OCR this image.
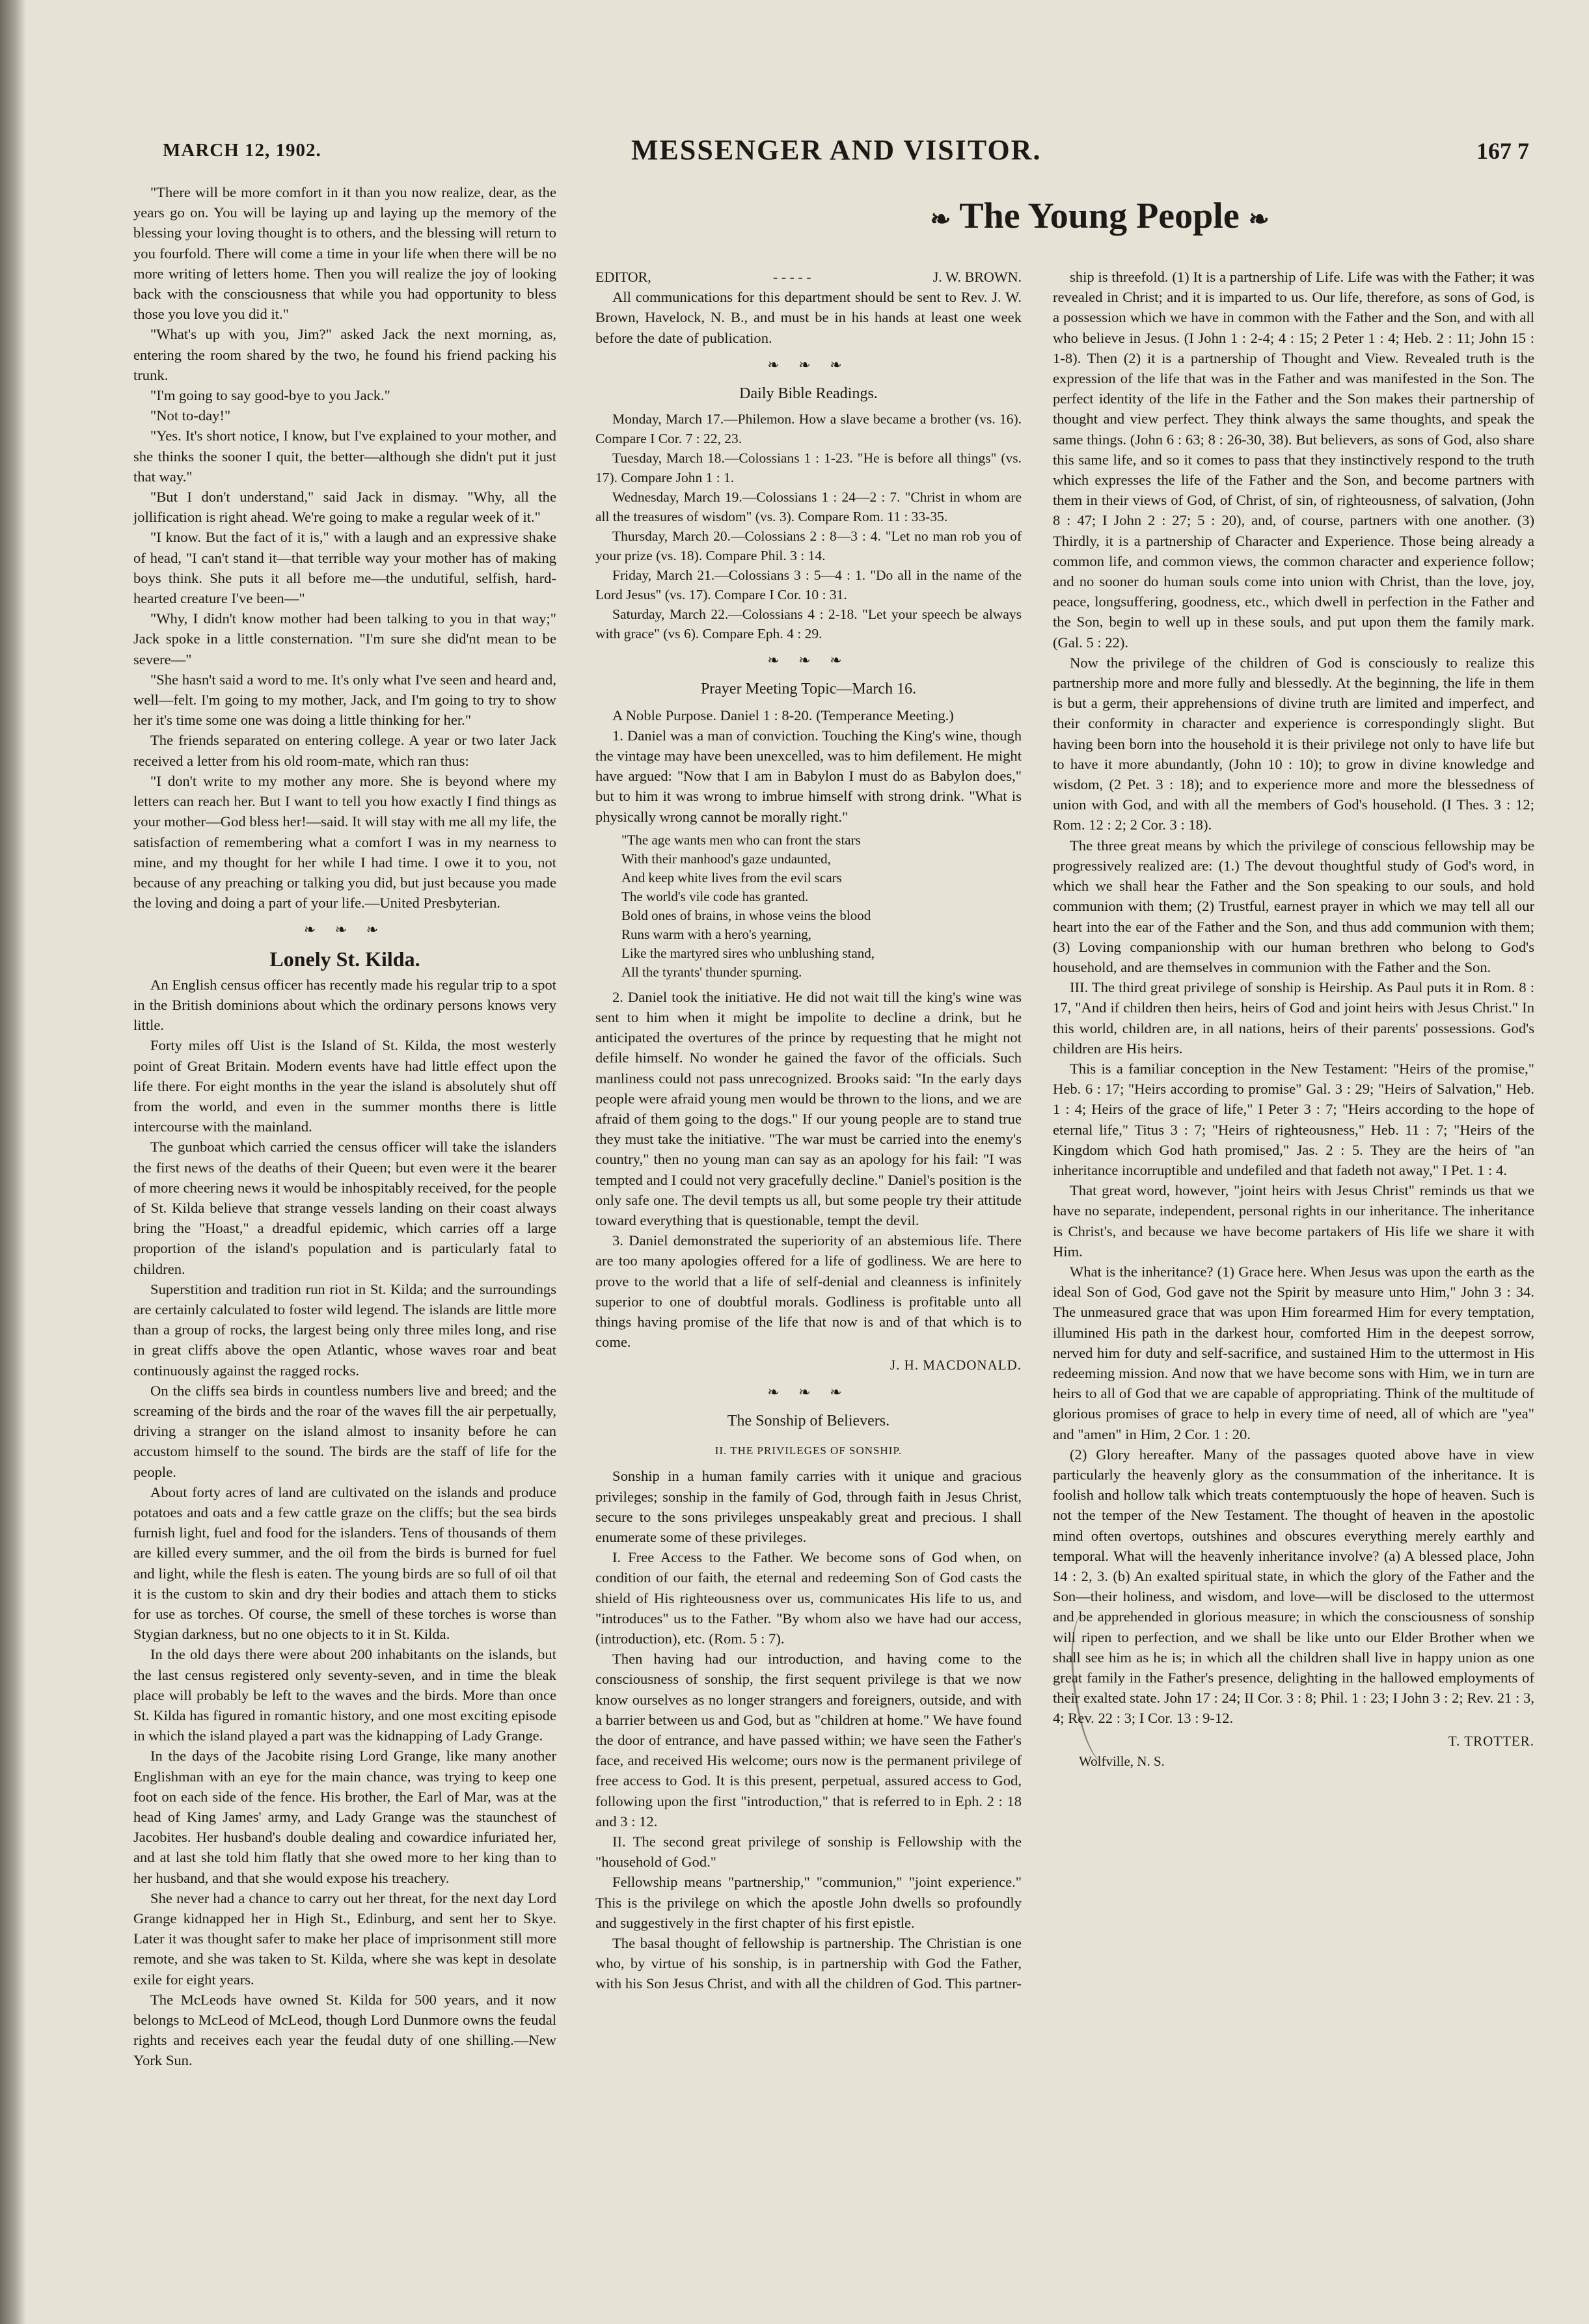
MARCH 12, 1902.	MESSENGER AND VISITOR.	167 7
❧ The Young People ❧

"There will be more comfort in it than you now realize, dear, as the years go on. You will be laying up and laying up the memory of the blessing your loving thought is to others, and the blessing will return to you fourfold. There will come a time in your life when there will be no more writing of letters home. Then you will realize the joy of looking back with the consciousness that while you had opportunity to bless those you love you did it."

"What's up with you, Jim?" asked Jack the next morning, as, entering the room shared by the two, he found his friend packing his trunk.

"I'm going to say good-bye to you Jack."

"Not to-day!"

"Yes. It's short notice, I know, but I've explained to your mother, and she thinks the sooner I quit, the better—although she didn't put it just that way."

"But I don't understand," said Jack in dismay. "Why, all the jollification is right ahead. We're going to make a regular week of it."

"I know. But the fact of it is," with a laugh and an expressive shake of head, "I can't stand it—that terrible way your mother has of making boys think. She puts it all before me—the undutiful, selfish, hard-hearted creature I've been—"

"Why, I didn't know mother had been talking to you in that way;" Jack spoke in a little consternation. "I'm sure she did'nt mean to be severe—"

"She hasn't said a word to me. It's only what I've seen and heard and, well—felt. I'm going to my mother, Jack, and I'm going to try to show her it's time some one was doing a little thinking for her."

The friends separated on entering college. A year or two later Jack received a letter from his old room-mate, which ran thus:

"I don't write to my mother any more. She is beyond where my letters can reach her. But I want to tell you how exactly I find things as your mother—God bless her!—said. It will stay with me all my life, the satisfaction of remembering what a comfort I was in my nearness to mine, and my thought for her while I had time. I owe it to you, not because of any preaching or talking you did, but just because you made the loving and doing a part of your life.—United Presbyterian.

❧ ❧ ❧
Lonely St. Kilda.

An English census officer has recently made his regular trip to a spot in the British dominions about which the ordinary persons knows very little.

Forty miles off Uist is the Island of St. Kilda, the most westerly point of Great Britain. Modern events have had little effect upon the life there. For eight months in the year the island is absolutely shut off from the world, and even in the summer months there is little intercourse with the mainland.

The gunboat which carried the census officer will take the islanders the first news of the deaths of their Queen; but even were it the bearer of more cheering news it would be inhospitably received, for the people of St. Kilda believe that strange vessels landing on their coast always bring the "Hoast," a dreadful epidemic, which carries off a large proportion of the island's population and is particularly fatal to children.

Superstition and tradition run riot in St. Kilda; and the surroundings are certainly calculated to foster wild legend. The islands are little more than a group of rocks, the largest being only three miles long, and rise in great cliffs above the open Atlantic, whose waves roar and beat continuously against the ragged rocks.

On the cliffs sea birds in countless numbers live and breed; and the screaming of the birds and the roar of the waves fill the air perpetually, driving a stranger on the island almost to insanity before he can accustom himself to the sound. The birds are the staff of life for the people.

About forty acres of land are cultivated on the islands and produce potatoes and oats and a few cattle graze on the cliffs; but the sea birds furnish light, fuel and food for the islanders. Tens of thousands of them are killed every summer, and the oil from the birds is burned for fuel and light, while the flesh is eaten. The young birds are so full of oil that it is the custom to skin and dry their bodies and attach them to sticks for use as torches. Of course, the smell of these torches is worse than Stygian darkness, but no one objects to it in St. Kilda.

In the old days there were about 200 inhabitants on the islands, but the last census registered only seventy-seven, and in time the bleak place will probably be left to the waves and the birds. More than once St. Kilda has figured in romantic history, and one most exciting episode in which the island played a part was the kidnapping of Lady Grange.

In the days of the Jacobite rising Lord Grange, like many another Englishman with an eye for the main chance, was trying to keep one foot on each side of the fence. His brother, the Earl of Mar, was at the head of King James' army, and Lady Grange was the staunchest of Jacobites. Her husband's double dealing and cowardice infuriated her, and at last she told him flatly that she owed more to her king than to her husband, and that she would expose his treachery.

She never had a chance to carry out her threat, for the next day Lord Grange kidnapped her in High St., Edinburg, and sent her to Skye. Later it was thought safer to make her place of imprisonment still more remote, and she was taken to St. Kilda, where she was kept in desolate exile for eight years.

The McLeods have owned St. Kilda for 500 years, and it now belongs to McLeod of McLeod, though Lord Dunmore owns the feudal rights and receives each year the feudal duty of one shilling.—New York Sun.

EDITOR,	- - - - -	J. W. BROWN.

All communications for this department should be sent to Rev. J. W. Brown, Havelock, N. B., and must be in his hands at least one week before the date of publication.

❧ ❧ ❧
Daily Bible Readings.

Monday, March 17.—Philemon. How a slave became a brother (vs. 16). Compare I Cor. 7 : 22, 23.

Tuesday, March 18.—Colossians 1 : 1-23. "He is before all things" (vs. 17). Compare John 1 : 1.

Wednesday, March 19.—Colossians 1 : 24—2 : 7. "Christ in whom are all the treasures of wisdom" (vs. 3). Compare Rom. 11 : 33-35.

Thursday, March 20.—Colossians 2 : 8—3 : 4. "Let no man rob you of your prize (vs. 18). Compare Phil. 3 : 14.

Friday, March 21.—Colossians 3 : 5—4 : 1. "Do all in the name of the Lord Jesus" (vs. 17). Compare I Cor. 10 : 31.

Saturday, March 22.—Colossians 4 : 2-18. "Let your speech be always with grace" (vs 6). Compare Eph. 4 : 29.

❧ ❧ ❧
Prayer Meeting Topic—March 16.

A Noble Purpose. Daniel 1 : 8-20. (Temperance Meeting.)

1. Daniel was a man of conviction. Touching the King's wine, though the vintage may have been unexcelled, was to him defilement. He might have argued: "Now that I am in Babylon I must do as Babylon does," but to him it was wrong to imbrue himself with strong drink. "What is physically wrong cannot be morally right."

"The age wants men who can front the stars
With their manhood's gaze undaunted,
And keep white lives from the evil scars
The world's vile code has granted.
Bold ones of brains, in whose veins the blood
Runs warm with a hero's yearning,
Like the martyred sires who unblushing stand,
All the tyrants' thunder spurning.

2. Daniel took the initiative. He did not wait till the king's wine was sent to him when it might be impolite to decline a drink, but he anticipated the overtures of the prince by requesting that he might not defile himself. No wonder he gained the favor of the officials. Such manliness could not pass unrecognized. Brooks said: "In the early days people were afraid young men would be thrown to the lions, and we are afraid of them going to the dogs." If our young people are to stand true they must take the initiative. "The war must be carried into the enemy's country," then no young man can say as an apology for his fail: "I was tempted and I could not very gracefully decline." Daniel's position is the only safe one. The devil tempts us all, but some people try their attitude toward everything that is questionable, tempt the devil.

3. Daniel demonstrated the superiority of an abstemious life. There are too many apologies offered for a life of godliness. We are here to prove to the world that a life of self-denial and cleanness is infinitely superior to one of doubtful morals. Godliness is profitable unto all things having promise of the life that now is and of that which is to come.

J. H. MACDONALD.
❧ ❧ ❧
The Sonship of Believers.
II. THE PRIVILEGES OF SONSHIP.

Sonship in a human family carries with it unique and gracious privileges; sonship in the family of God, through faith in Jesus Christ, secure to the sons privileges unspeakably great and precious. I shall enumerate some of these privileges.

I. Free Access to the Father. We become sons of God when, on condition of our faith, the eternal and redeeming Son of God casts the shield of His righteousness over us, communicates His life to us, and "introduces" us to the Father. "By whom also we have had our access, (introduction), etc. (Rom. 5 : 7).

Then having had our introduction, and having come to the consciousness of sonship, the first sequent privilege is that we now know ourselves as no longer strangers and foreigners, outside, and with a barrier between us and God, but as "children at home." We have found the door of entrance, and have passed within; we have seen the Father's face, and received His welcome; ours now is the permanent privilege of free access to God. It is this present, perpetual, assured access to God, following upon the first "introduction," that is referred to in Eph. 2 : 18 and 3 : 12.

II. The second great privilege of sonship is Fellowship with the "household of God."

Fellowship means "partnership," "communion," "joint experience." This is the privilege on which the apostle John dwells so profoundly and suggestively in the first chapter of his first epistle.

The basal thought of fellowship is partnership. The Christian is one who, by virtue of his sonship, is in partnership with God the Father, with his Son Jesus Christ, and with all the children of God. This partner-

ship is threefold. (1) It is a partnership of Life. Life was with the Father; it was revealed in Christ; and it is imparted to us. Our life, therefore, as sons of God, is a possession which we have in common with the Father and the Son, and with all who believe in Jesus. (I John 1 : 2-4; 4 : 15; 2 Peter 1 : 4; Heb. 2 : 11; John 15 : 1-8). Then (2) it is a partnership of Thought and View. Revealed truth is the expression of the life that was in the Father and was manifested in the Son. The perfect identity of the life in the Father and the Son makes their partnership of thought and view perfect. They think always the same thoughts, and speak the same things. (John 6 : 63; 8 : 26-30, 38). But believers, as sons of God, also share this same life, and so it comes to pass that they instinctively respond to the truth which expresses the life of the Father and the Son, and become partners with them in their views of God, of Christ, of sin, of righteousness, of salvation, (John 8 : 47; I John 2 : 27; 5 : 20), and, of course, partners with one another. (3) Thirdly, it is a partnership of Character and Experience. Those being already a common life, and common views, the common character and experience follow; and no sooner do human souls come into union with Christ, than the love, joy, peace, longsuffering, goodness, etc., which dwell in perfection in the Father and the Son, begin to well up in these souls, and put upon them the family mark. (Gal. 5 : 22).

Now the privilege of the children of God is consciously to realize this partnership more and more fully and blessedly. At the beginning, the life in them is but a germ, their apprehensions of divine truth are limited and imperfect, and their conformity in character and experience is correspondingly slight. But having been born into the household it is their privilege not only to have life but to have it more abundantly, (John 10 : 10); to grow in divine knowledge and wisdom, (2 Pet. 3 : 18); and to experience more and more the blessedness of union with God, and with all the members of God's household. (I Thes. 3 : 12; Rom. 12 : 2; 2 Cor. 3 : 18).

The three great means by which the privilege of conscious fellowship may be progressively realized are: (1.) The devout thoughtful study of God's word, in which we shall hear the Father and the Son speaking to our souls, and hold communion with them; (2) Trustful, earnest prayer in which we may tell all our heart into the ear of the Father and the Son, and thus add communion with them; (3) Loving companionship with our human brethren who belong to God's household, and are themselves in communion with the Father and the Son.

III. The third great privilege of sonship is Heirship. As Paul puts it in Rom. 8 : 17, "And if children then heirs, heirs of God and joint heirs with Jesus Christ." In this world, children are, in all nations, heirs of their parents' possessions. God's children are His heirs.

This is a familiar conception in the New Testament: "Heirs of the promise," Heb. 6 : 17; "Heirs according to promise" Gal. 3 : 29; "Heirs of Salvation," Heb. 1 : 4; Heirs of the grace of life," I Peter 3 : 7; "Heirs according to the hope of eternal life," Titus 3 : 7; "Heirs of righteousness," Heb. 11 : 7; "Heirs of the Kingdom which God hath promised," Jas. 2 : 5. They are the heirs of "an inheritance incorruptible and undefiled and that fadeth not away," I Pet. 1 : 4.

That great word, however, "joint heirs with Jesus Christ" reminds us that we have no separate, independent, personal rights in our inheritance. The inheritance is Christ's, and because we have become partakers of His life we share it with Him.

What is the inheritance? (1) Grace here. When Jesus was upon the earth as the ideal Son of God, God gave not the Spirit by measure unto Him," John 3 : 34. The unmeasured grace that was upon Him forearmed Him for every temptation, illumined His path in the darkest hour, comforted Him in the deepest sorrow, nerved him for duty and self-sacrifice, and sustained Him to the uttermost in His redeeming mission. And now that we have become sons with Him, we in turn are heirs to all of God that we are capable of appropriating. Think of the multitude of glorious promises of grace to help in every time of need, all of which are "yea" and "amen" in Him, 2 Cor. 1 : 20.

(2) Glory hereafter. Many of the passages quoted above have in view particularly the heavenly glory as the consummation of the inheritance. It is foolish and hollow talk which treats contemptuously the hope of heaven. Such is not the temper of the New Testament. The thought of heaven in the apostolic mind often overtops, outshines and obscures everything merely earthly and temporal. What will the heavenly inheritance involve? (a) A blessed place, John 14 : 2, 3. (b) An exalted spiritual state, in which the glory of the Father and the Son—their holiness, and wisdom, and love—will be disclosed to the uttermost and be apprehended in glorious measure; in which the consciousness of sonship will ripen to perfection, and we shall be like unto our Elder Brother when we shall see him as he is; in which all the children shall live in happy union as one great family in the Father's presence, delighting in the hallowed employments of their exalted state. John 17 : 24; II Cor. 3 : 8; Phil. 1 : 23; I John 3 : 2; Rev. 21 : 3, 4; Rev. 22 : 3; I Cor. 13 : 9-12.

T. TROTTER.
Wolfville, N. S.
